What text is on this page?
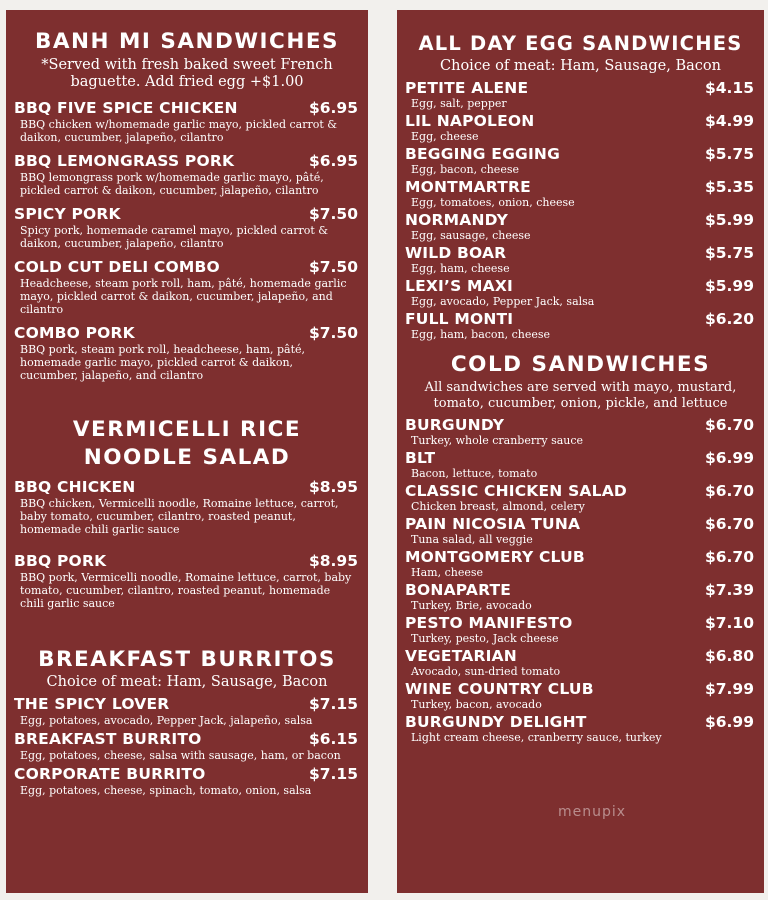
BANH MI SANDWICHES

*Served with fresh baked sweet French
baguette. Add fried egg +$1.00

BBQ FIVE SPICE CHICKEN	$6.95

BBQ chicken w/homemade garlic mayo, pickled carrot & daikon, cucumber, jalapeño, cilantro

BBQ LEMONGRASS PORK	$6.95

BBQ lemongrass pork w/homemade garlic mayo, pâté, pickled carrot & daikon, cucumber, jalapeño, cilantro

SPICY PORK	$7.50

Spicy pork, homemade caramel mayo, pickled carrot & daikon, cucumber, jalapeño, cilantro

COLD CUT DELI COMBO	$7.50

Headcheese, steam pork roll, ham, pâté, homemade garlic mayo, pickled carrot & daikon, cucumber, jalapeño, and cilantro

COMBO PORK	$7.50

BBQ pork, steam pork roll, headcheese, ham, pâté, homemade garlic mayo, pickled carrot & daikon, cucumber, jalapeño, and cilantro

VERMICELLI RICE
NOODLE SALAD
BBQ CHICKEN	$8.95

BBQ chicken, Vermicelli noodle, Romaine lettuce, carrot, baby tomato, cucumber, cilantro, roasted peanut, homemade chili garlic sauce

BBQ PORK	$8.95

BBQ pork, Vermicelli noodle, Romaine lettuce, carrot, baby tomato, cucumber, cilantro, roasted peanut, homemade chili garlic sauce

BREAKFAST BURRITOS

Choice of meat: Ham, Sausage, Bacon

THE SPICY LOVER	$7.15

Egg, potatoes, avocado, Pepper Jack, jalapeño, salsa

BREAKFAST BURRITO	$6.15

Egg, potatoes, cheese, salsa with sausage, ham, or bacon

CORPORATE BURRITO	$7.15

Egg, potatoes, cheese, spinach, tomato, onion, salsa

ALL DAY EGG SANDWICHES

Choice of meat: Ham, Sausage, Bacon

PETITE ALENE	$4.15

Egg, salt, pepper

LIL NAPOLEON	$4.99

Egg, cheese

BEGGING EGGING	$5.75

Egg, bacon, cheese

MONTMARTRE	$5.35

Egg, tomatoes, onion, cheese

NORMANDY	$5.99

Egg, sausage, cheese

WILD BOAR	$5.75

Egg, ham, cheese

LEXI’S MAXI	$5.99

Egg, avocado, Pepper Jack, salsa

FULL MONTI	$6.20

Egg, ham, bacon, cheese

COLD SANDWICHES

All sandwiches are served with mayo, mustard,
tomato, cucumber, onion, pickle, and lettuce

BURGUNDY	$6.70

Turkey, whole cranberry sauce

BLT	$6.99

Bacon, lettuce, tomato

CLASSIC CHICKEN SALAD	$6.70

Chicken breast, almond, celery

PAIN NICOSIA TUNA	$6.70

Tuna salad, all veggie

MONTGOMERY CLUB	$6.70

Ham, cheese

BONAPARTE	$7.39

Turkey, Brie, avocado

PESTO MANIFESTO	$7.10

Turkey, pesto, Jack cheese

VEGETARIAN	$6.80

Avocado, sun-dried tomato

WINE COUNTRY CLUB	$7.99

Turkey, bacon, avocado

BURGUNDY DELIGHT	$6.99

Light cream cheese, cranberry sauce, turkey

menupix
